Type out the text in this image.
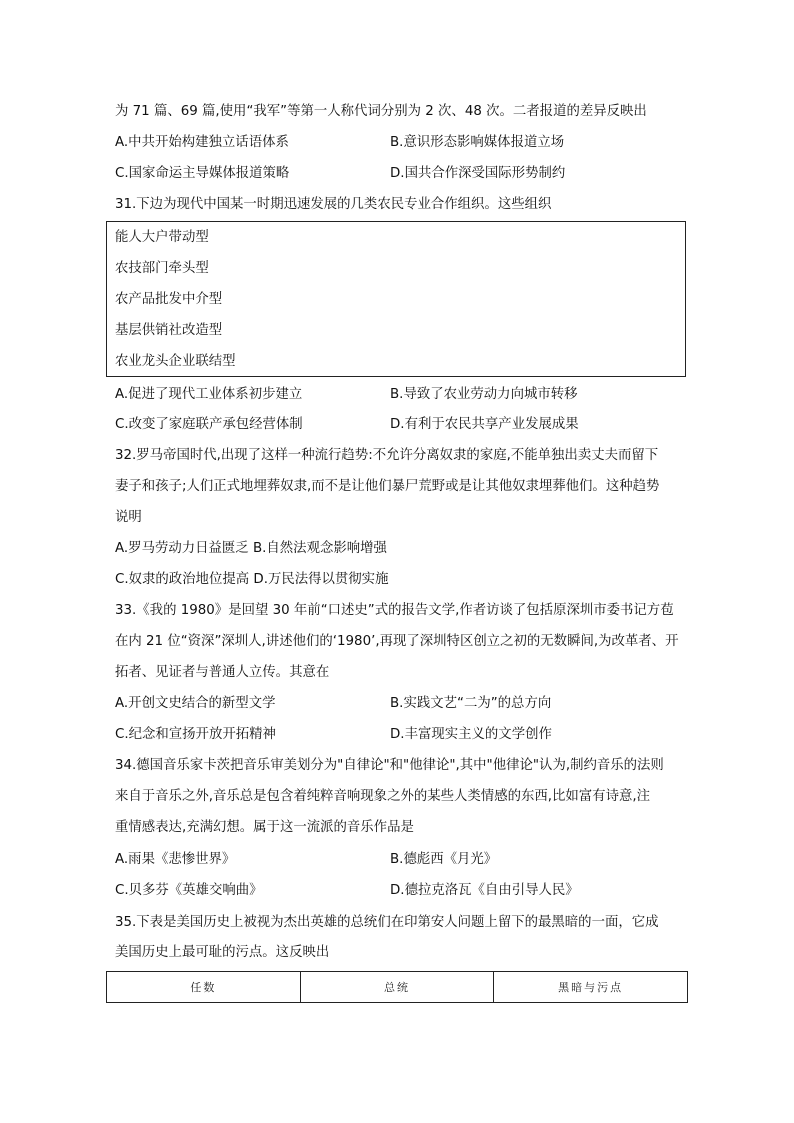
为 71 篇、69 篇,使用“我军”等第一人称代词分别为 2 次、48 次。二者报道的差异反映出
A.中共开始构建独立话语体系	B.意识形态影响媒体报道立场
C.国家命运主导媒体报道策略	D.国共合作深受国际形势制约
31.下边为现代中国某一时期迅速发展的几类农民专业合作组织。这些组织
能人大户带动型
农技部门牵头型
农产品批发中介型
基层供销社改造型
农业龙头企业联结型
A.促进了现代工业体系初步建立	B.导致了农业劳动力向城市转移
C.改变了家庭联产承包经营体制	D.有利于农民共享产业发展成果
32.罗马帝国时代,出现了这样一种流行趋势:不允许分离奴隶的家庭,不能单独出卖丈夫而留下
妻子和孩子;人们正式地埋葬奴隶,而不是让他们暴尸荒野或是让其他奴隶埋葬他们。这种趋势
说明
A.罗马劳动力日益匮乏 B.自然法观念影响增强
C.奴隶的政治地位提高 D.万民法得以贯彻实施
33.《我的 1980》是回望 30 年前“口述史”式的报告文学,作者访谈了包括原深圳市委书记方苞
在内 21 位“资深”深圳人,讲述他们的‘1980’,再现了深圳特区创立之初的无数瞬间,为改革者、开
拓者、见证者与普通人立传。其意在
A.开创文史结合的新型文学	B.实践文艺“二为”的总方向
C.纪念和宣扬开放开拓精神	D.丰富现实主义的文学创作
34.德国音乐家卡茨把音乐审美划分为"自律论"和"他律论",其中"他律论"认为,制约音乐的法则
来自于音乐之外,音乐总是包含着纯粹音响现象之外的某些人类情感的东西,比如富有诗意,注
重情感表达,充满幻想。属于这一流派的音乐作品是
A.雨果《悲惨世界》	B.德彪西《月光》
C.贝多芬《英雄交响曲》	D.德拉克洛瓦《自由引导人民》
35.下表是美国历史上被视为杰出英雄的总统们在印第安人问题上留下的最黑暗的一面，它成
美国历史上最可耻的污点。这反映出
任数	总统	黑暗与污点
